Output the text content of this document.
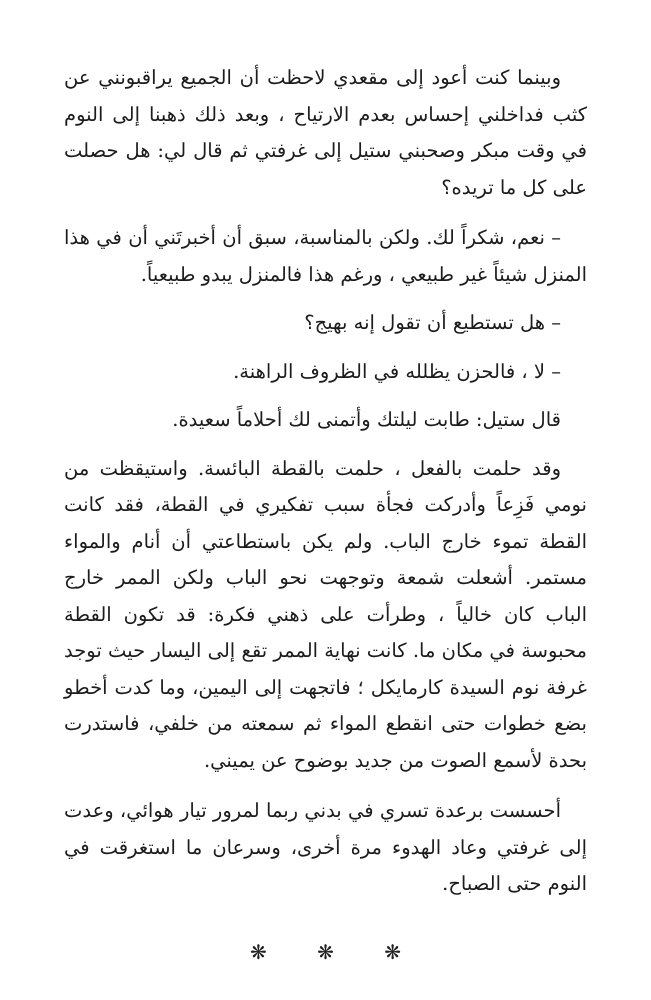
وبينما كنت أعود إلى مقعدي لاحظت أن الجميع يراقبونني عن كثب فداخلني إحساس بعدم الارتياح ، وبعد ذلك ذهبنا إلى النوم في وقت مبكر وصحبني ستيل إلى غرفتي ثم قال لي: هل حصلت على كل ما تريده؟

– نعم، شكراً لك. ولكن بالمناسبة، سبق أن أخبرتَني أن في هذا المنزل شيئاً غير طبيعي ، ورغم هذا فالمنزل يبدو طبيعياً.

– هل تستطيع أن تقول إنه بهيج؟

– لا ، فالحزن يظلله في الظروف الراهنة.

قال ستيل: طابت ليلتك وأتمنى لك أحلاماً سعيدة.

وقد حلمت بالفعل ، حلمت بالقطة البائسة. واستيقظت من نومي فَزِعاً وأدركت فجأة سبب تفكيري في القطة، فقد كانت القطة تموء خارج الباب. ولم يكن باستطاعتي أن أنام والمواء مستمر. أشعلت شمعة وتوجهت نحو الباب ولكن الممر خارج الباب كان خالياً ، وطرأت على ذهني فكرة: قد تكون القطة محبوسة في مكان ما. كانت نهاية الممر تقع إلى اليسار حيث توجد غرفة نوم السيدة كارمايكل ؛ فاتجهت إلى اليمين، وما كدت أخطو بضع خطوات حتى انقطع المواء ثم سمعته من خلفي، فاستدرت بحدة لأسمع الصوت من جديد بوضوح عن يميني.

أحسست برعدة تسري في بدني ربما لمرور تيار هوائي، وعدت إلى غرفتي وعاد الهدوء مرة أخرى، وسرعان ما استغرقت في النوم حتى الصباح.

❋ ❋ ❋
